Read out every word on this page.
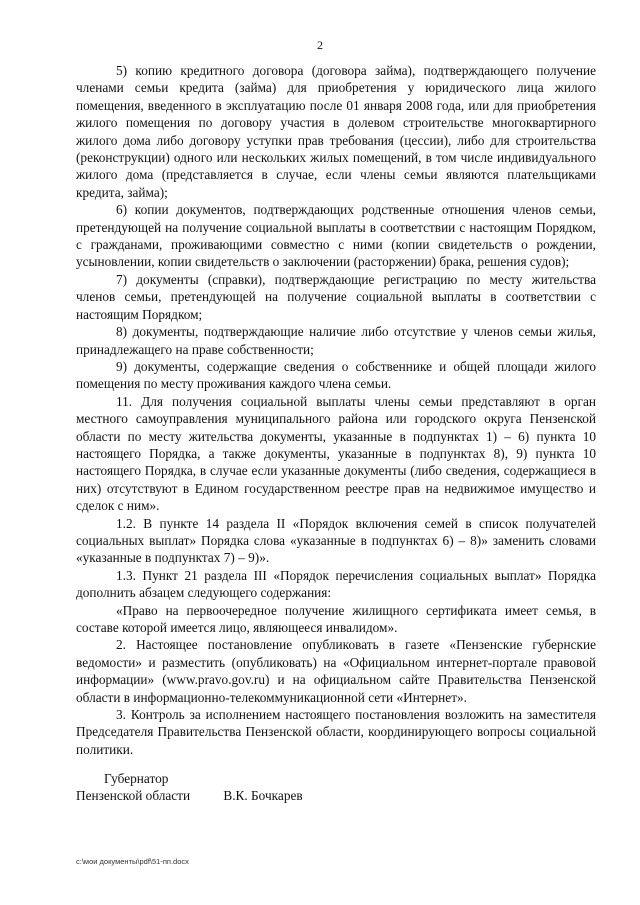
2

5) копию кредитного договора (договора займа), подтверждающего получение членами семьи кредита (займа) для приобретения у юридического лица жилого помещения, введенного в эксплуатацию после 01 января 2008 года, или для приобретения жилого помещения по договору участия в долевом строительстве многоквартирного жилого дома либо договору уступки прав требования (цессии), либо для строительства (реконструкции) одного или нескольких жилых помещений, в том числе индивидуального жилого дома (представляется в случае, если члены семьи являются плательщиками кредита, займа);

6) копии документов, подтверждающих родственные отношения членов семьи, претендующей на получение социальной выплаты в соответствии с настоящим Порядком, с гражданами, проживающими совместно с ними (копии свидетельств о рождении, усыновлении, копии свидетельств о заключении (расторжении) брака, решения судов);

7) документы (справки), подтверждающие регистрацию по месту жительства членов семьи, претендующей на получение социальной выплаты в соответствии с настоящим Порядком;

8) документы, подтверждающие наличие либо отсутствие у членов семьи жилья, принадлежащего на праве собственности;

9) документы, содержащие сведения о собственнике и общей площади жилого помещения по месту проживания каждого члена семьи.

11. Для получения социальной выплаты члены семьи представляют в орган местного самоуправления муниципального района или городского округа Пензенской области по месту жительства документы, указанные в подпунктах 1) – 6) пункта 10 настоящего Порядка, а также документы, указанные в подпунктах 8), 9) пункта 10 настоящего Порядка, в случае если указанные документы (либо сведения, содержащиеся в них) отсутствуют в Едином государственном реестре прав на недвижимое имущество и сделок с ним».

1.2. В пункте 14 раздела II «Порядок включения семей в список получателей социальных выплат» Порядка слова «указанные в подпунктах 6) – 8)» заменить словами «указанные в подпунктах 7) – 9)».

1.3. Пункт 21 раздела III «Порядок перечисления социальных выплат» Порядка дополнить абзацем следующего содержания:

«Право на первоочередное получение жилищного сертификата имеет семья, в составе которой имеется лицо, являющееся инвалидом».

2. Настоящее постановление опубликовать в газете «Пензенские губернские ведомости» и разместить (опубликовать) на «Официальном интернет-портале правовой информации» (www.pravo.gov.ru) и на официальном сайте Правительства Пензенской области в информационно-телекоммуникационной сети «Интернет».

3. Контроль за исполнением настоящего постановления возложить на заместителя Председателя Правительства Пензенской области, координирующего вопросы социальной политики.

Губернатор
Пензенской области В.К. Бочкарев
c:\мои документы\pdf\51-пп.docx
